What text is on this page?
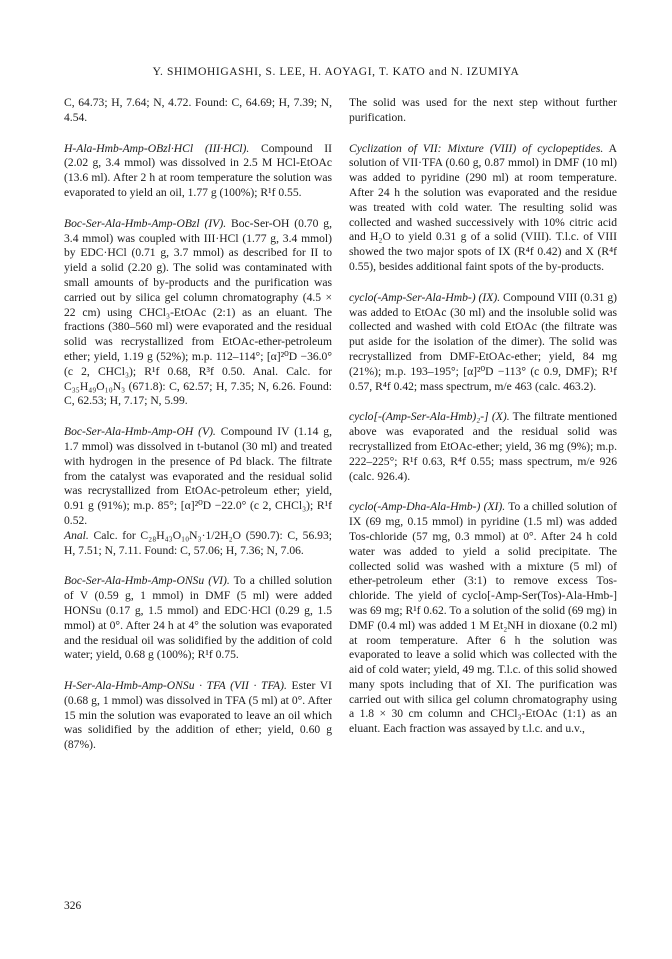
Y. SHIMOHIGASHI, S. LEE, H. AOYAGI, T. KATO and N. IZUMIYA

C, 64.73; H, 7.64; N, 4.72. Found: C, 64.69; H, 7.39; N, 4.54.

H-Ala-Hmb-Amp-OBzl·HCl (III·HCl). Compound II (2.02 g, 3.4 mmol) was dissolved in 2.5 M HCl-EtOAc (13.6 ml). After 2 h at room temperature the solution was evaporated to yield an oil, 1.77 g (100%); R¹f 0.55.

Boc-Ser-Ala-Hmb-Amp-OBzl (IV). Boc-Ser-OH (0.70 g, 3.4 mmol) was coupled with III·HCl (1.77 g, 3.4 mmol) by EDC·HCl (0.71 g, 3.7 mmol) as described for II to yield a solid (2.20 g). The solid was contaminated with small amounts of by-products and the purification was carried out by silica gel column chromatography (4.5 × 22 cm) using CHCl₃-EtOAc (2:1) as an eluant. The fractions (380–560 ml) were evaporated and the residual solid was recrystallized from EtOAc-ether-petroleum ether; yield, 1.19 g (52%); m.p. 112–114°; [α]²⁰D −36.0° (c 2, CHCl₃); R¹f 0.68, R³f 0.50. Anal. Calc. for C₃₅H₄₉O₁₀N₃ (671.8): C, 62.57; H, 7.35; N, 6.26. Found: C, 62.53; H, 7.17; N, 5.99.

Boc-Ser-Ala-Hmb-Amp-OH (V). Compound IV (1.14 g, 1.7 mmol) was dissolved in t-butanol (30 ml) and treated with hydrogen in the presence of Pd black. The filtrate from the catalyst was evaporated and the residual solid was recrystallized from EtOAc-petroleum ether; yield, 0.91 g (91%); m.p. 85°; [α]²⁰D −22.0° (c 2, CHCl₃); R¹f 0.52.

Anal. Calc. for C₂₈H₄₃O₁₀N₃·1/2H₂O (590.7): C, 56.93; H, 7.51; N, 7.11. Found: C, 57.06; H, 7.36; N, 7.06.

Boc-Ser-Ala-Hmb-Amp-ONSu (VI). To a chilled solution of V (0.59 g, 1 mmol) in DMF (5 ml) were added HONSu (0.17 g, 1.5 mmol) and EDC·HCl (0.29 g, 1.5 mmol) at 0°. After 24 h at 4° the solution was evaporated and the residual oil was solidified by the addition of cold water; yield, 0.68 g (100%); R¹f 0.75.

H-Ser-Ala-Hmb-Amp-ONSu · TFA (VII · TFA). Ester VI (0.68 g, 1 mmol) was dissolved in TFA (5 ml) at 0°. After 15 min the solution was evaporated to leave an oil which was solidified by the addition of ether; yield, 0.60 g (87%).

The solid was used for the next step without further purification.

Cyclization of VII: Mixture (VIII) of cyclopeptides. A solution of VII·TFA (0.60 g, 0.87 mmol) in DMF (10 ml) was added to pyridine (290 ml) at room temperature. After 24 h the solution was evaporated and the residue was treated with cold water. The resulting solid was collected and washed successively with 10% citric acid and H₂O to yield 0.31 g of a solid (VIII). T.l.c. of VIII showed the two major spots of IX (R⁴f 0.42) and X (R⁴f 0.55), besides additional faint spots of the by-products.

cyclo(-Amp-Ser-Ala-Hmb-) (IX). Compound VIII (0.31 g) was added to EtOAc (30 ml) and the insoluble solid was collected and washed with cold EtOAc (the filtrate was put aside for the isolation of the dimer). The solid was recrystallized from DMF-EtOAc-ether; yield, 84 mg (21%); m.p. 193–195°; [α]²⁰D −113° (c 0.9, DMF); R¹f 0.57, R⁴f 0.42; mass spectrum, m/e 463 (calc. 463.2).

cyclo[-(Amp-Ser-Ala-Hmb)₂-] (X). The filtrate mentioned above was evaporated and the residual solid was recrystallized from EtOAc-ether; yield, 36 mg (9%); m.p. 222–225°; R¹f 0.63, R⁴f 0.55; mass spectrum, m/e 926 (calc. 926.4).

cyclo(-Amp-Dha-Ala-Hmb-) (XI). To a chilled solution of IX (69 mg, 0.15 mmol) in pyridine (1.5 ml) was added Tos-chloride (57 mg, 0.3 mmol) at 0°. After 24 h cold water was added to yield a solid precipitate. The collected solid was washed with a mixture (5 ml) of ether-petroleum ether (3:1) to remove excess Tos-chloride. The yield of cyclo[-Amp-Ser(Tos)-Ala-Hmb-] was 69 mg; R¹f 0.62. To a solution of the solid (69 mg) in DMF (0.4 ml) was added 1 M Et₂NH in dioxane (0.2 ml) at room temperature. After 6 h the solution was evaporated to leave a solid which was collected with the aid of cold water; yield, 49 mg. T.l.c. of this solid showed many spots including that of XI. The purification was carried out with silica gel column chromatography using a 1.8 × 30 cm column and CHCl₃-EtOAc (1:1) as an eluant. Each fraction was assayed by t.l.c. and u.v.,

326
